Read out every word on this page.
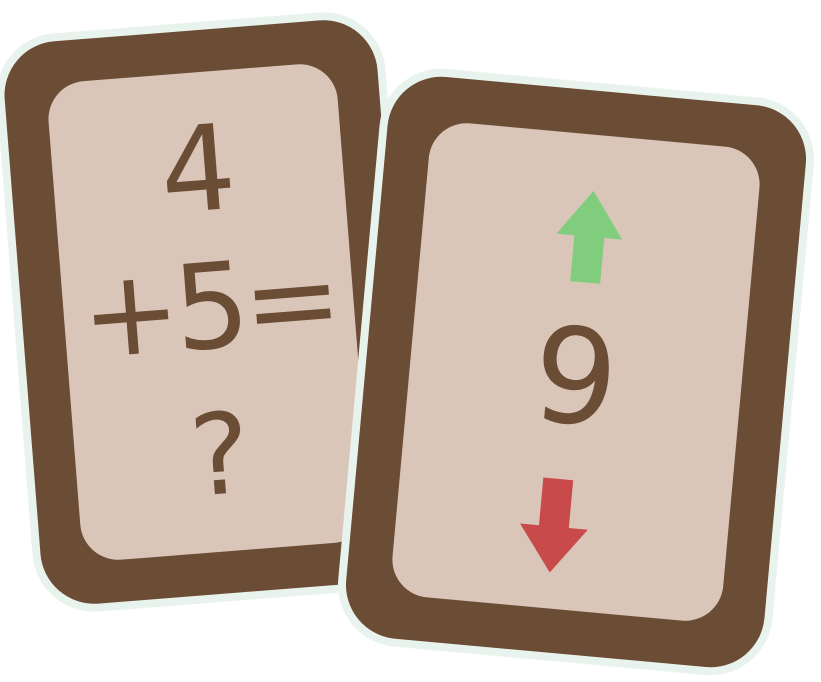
4
+5=
?	9
